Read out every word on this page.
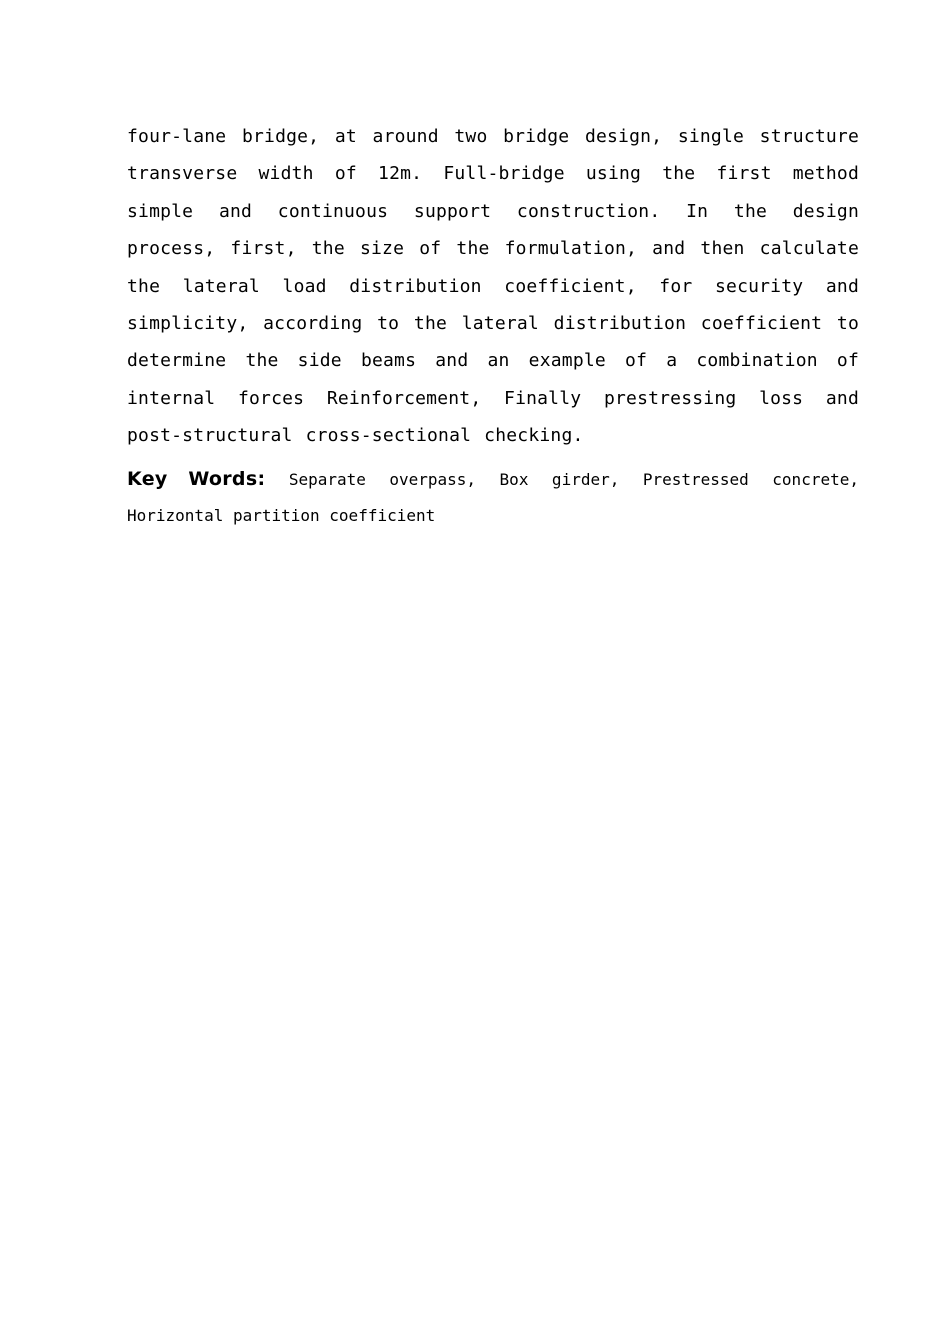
four-lane bridge, at around two bridge design, single structure transverse width of 12m. Full-bridge using the first method simple and continuous support construction. In the design process, first, the size of the formulation, and then calculate the lateral load distribution coefficient, for security and simplicity, according to the lateral distribution coefficient to determine the side beams and an example of a combination of internal forces Reinforcement, Finally prestressing loss and post-structural cross-sectional checking.

Key Words: Separate overpass, Box girder, Prestressed concrete, Horizontal partition coefficient
